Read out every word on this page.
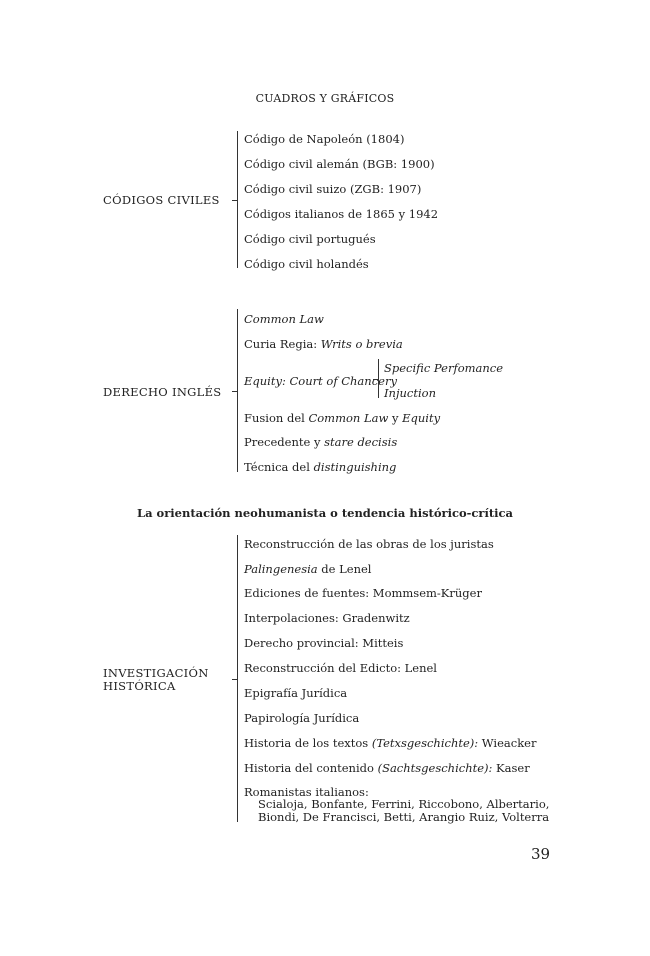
CUADROS Y GRÁFICOS
CÓDIGOS CIVILES
Código de Napoleón (1804)
Código civil alemán (BGB: 1900)
Código civil suizo (ZGB: 1907)
Códigos italianos de 1865 y 1942
Código civil portugués
Código civil holandés
DERECHO INGLÉS
Common Law
Curia Regia: Writs o brevia
Equity: Court of Chancery
Specific Perfomance
Injuction
Fusion del Common Law y Equity
Precedente y stare decisis
Técnica del distinguishing
La orientación neohumanista o tendencia histórico-crítica
INVESTIGACIÓN
HISTÓRICA
Reconstrucción de las obras de los juristas
Palingenesia de Lenel
Ediciones de fuentes: Mommsem-Krüger
Interpolaciones: Gradenwitz
Derecho provincial: Mitteis
Reconstrucción del Edicto: Lenel
Epigrafía Jurídica
Papirología Jurídica
Historia de los textos (Tetxsgeschichte): Wieacker
Historia del contenido (Sachtsgeschichte): Kaser
Romanistas italianos:
Scialoja, Bonfante, Ferrini, Riccobono, Albertario,
Biondi, De Francisci, Betti, Arangio Ruiz, Volterra
39
